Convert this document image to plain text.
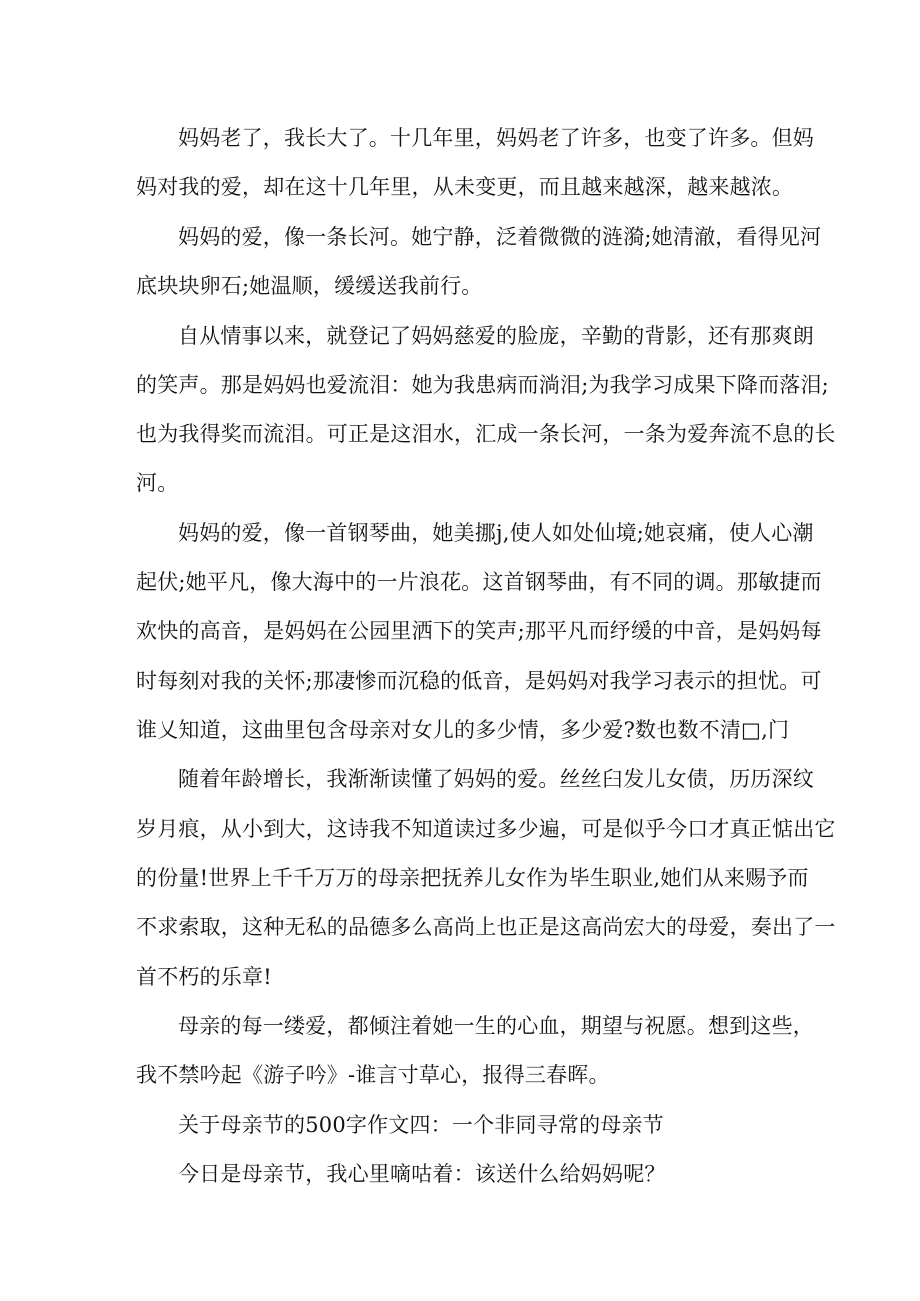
妈妈老了，我长大了。十几年里，妈妈老了许多，也变了许多。但妈
妈对我的爱，却在这十几年里，从未变更，而且越来越深，越来越浓。
妈妈的爱，像一条长河。她宁静，泛着微微的涟漪;她清澈，看得见河
底块块卵石;她温顺，缓缓送我前行。
自从情事以来，就登记了妈妈慈爱的脸庞，辛勤的背影，还有那爽朗
的笑声。那是妈妈也爱流泪：她为我患病而淌泪;为我学习成果下降而落泪;
也为我得奖而流泪。可正是这泪水，汇成一条长河，一条为爱奔流不息的长
河。
妈妈的爱，像一首钢琴曲，她美挪j,使人如处仙境;她哀痛，使人心潮
起伏;她平凡，像大海中的一片浪花。这首钢琴曲，有不同的调。那敏捷而
欢快的高音，是妈妈在公园里洒下的笑声;那平凡而纾缓的中音，是妈妈每
时每刻对我的关怀;那凄惨而沉稳的低音，是妈妈对我学习表示的担忧。可
谁乂知道，这曲里包含母亲对女儿的多少情，多少爱?数也数不清□,门
随着年龄增长，我渐渐读懂了妈妈的爱。丝丝臼发儿女债，历历深纹
岁月痕，从小到大，这诗我不知道读过多少遍，可是似乎今口才真正惦出它
的份量!世界上千千万万的母亲把抚养儿女作为毕生职业,她们从来赐予而
不求索取，这种无私的品德多么高尚上也正是这高尚宏大的母爱，奏出了一
首不朽的乐章!
母亲的每一缕爱，都倾注着她一生的心血，期望与祝愿。想到这些，
我不禁吟起《游子吟》-谁言寸草心，报得三春晖。
关于母亲节的500字作文四：一个非同寻常的母亲节
今日是母亲节，我心里嘀咕着：该送什么给妈妈呢？
